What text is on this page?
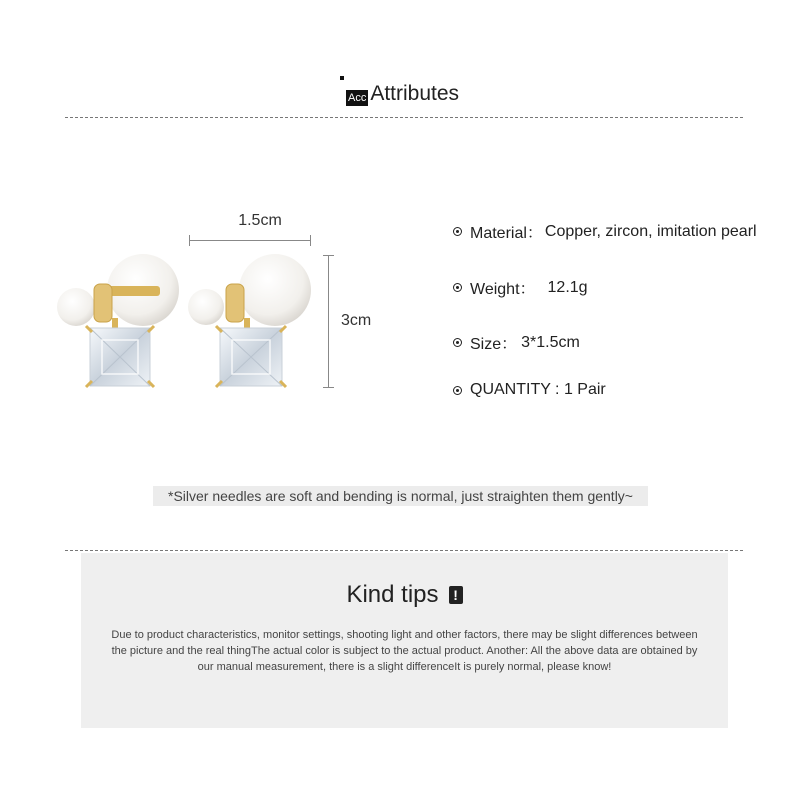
Acc Attributes
1.5cm
3cm
Material： Copper, zircon, imitation pearl
Weight： 12.1g
Size： 3*1.5cm
QUANTITY : 1 Pair
*Silver needles are soft and bending is normal, just straighten them gently~
Kind tips	!
Due to product characteristics, monitor settings, shooting light and other factors, there may be slight differences between the picture and the real thingThe actual color is subject to the actual product. Another: All the above data are obtained by our manual measurement, there is a slight differenceIt is purely normal, please know!
